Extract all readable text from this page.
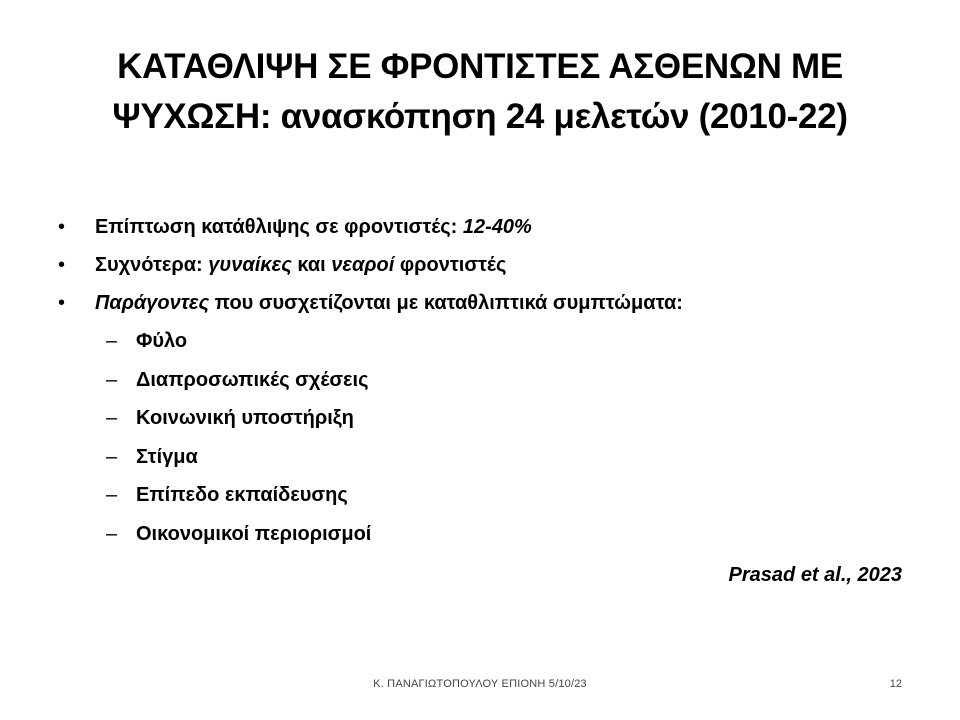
ΚΑΤΑΘΛΙΨΗ ΣΕ ΦΡΟΝΤΙΣΤΕΣ ΑΣΘΕΝΩΝ ΜΕ
ΨΥΧΩΣΗ: ανασκόπηση 24 μελετών (2010-22)
• Επίπτωση κατάθλιψης σε φροντιστές: 12-40%
• Συχνότερα: γυναίκες και νεαροί φροντιστές
• Παράγοντες που συσχετίζονται με καταθλιπτικά συμπτώματα:
– Φύλο
– Διαπροσωπικές σχέσεις
– Κοινωνική υποστήριξη
– Στίγμα
– Επίπεδο εκπαίδευσης
– Οικονομικοί περιορισμοί
Prasad et al., 2023
Κ. ΠΑΝΑΓΙΩΤΟΠΟΥΛΟΥ ΕΠΙΟΝΗ 5/10/23	12
